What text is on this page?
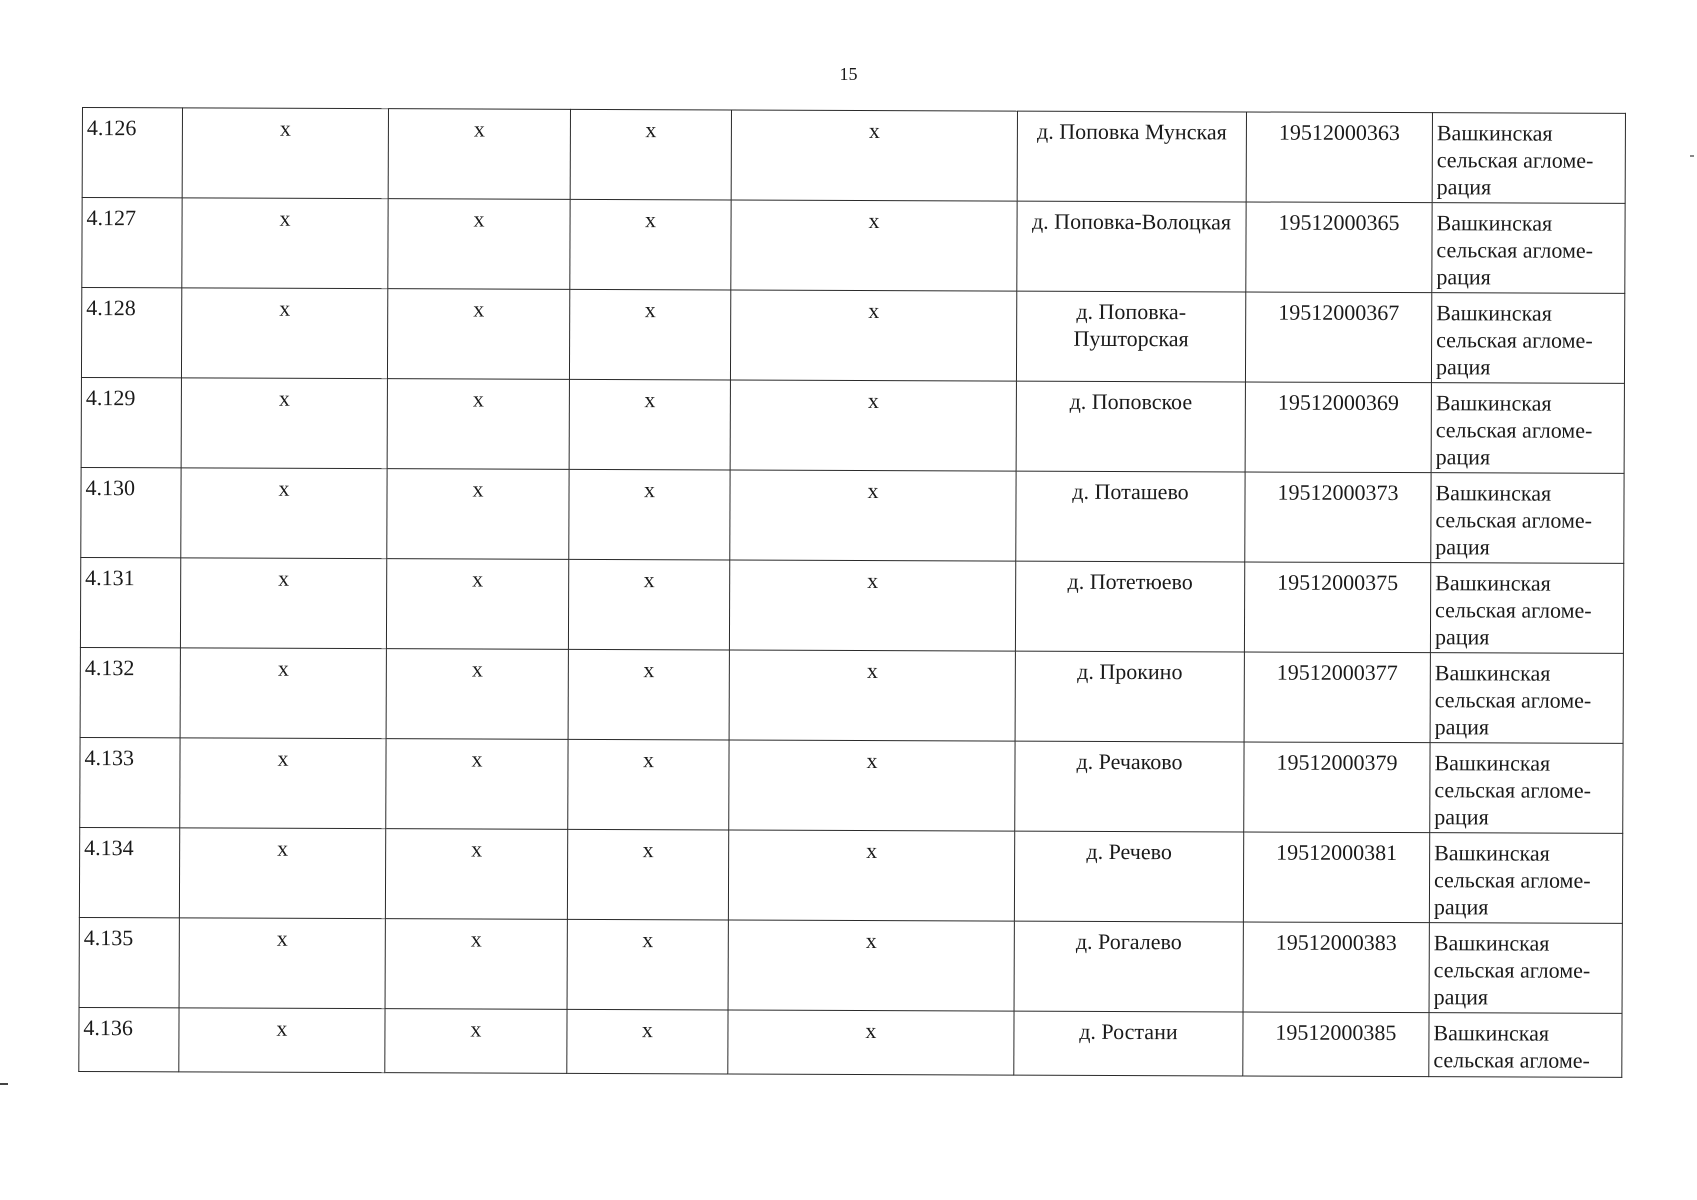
15
4.126	x	x	x	x	д. Поповка Мунская	19512000363	Вашкинская сельская агломе-рация
4.127	x	x	x	x	д. Поповка-Волоцкая	19512000365	Вашкинская сельская агломе-рация
4.128	x	x	x	x	д. Поповка-Пушторская	19512000367	Вашкинская сельская агломе-рация
4.129	x	x	x	x	д. Поповское	19512000369	Вашкинская сельская агломе-рация
4.130	x	x	x	x	д. Поташево	19512000373	Вашкинская сельская агломе-рация
4.131	x	x	x	x	д. Потетюево	19512000375	Вашкинская сельская агломе-рация
4.132	x	x	x	x	д. Прокино	19512000377	Вашкинская сельская агломе-рация
4.133	x	x	x	x	д. Речаково	19512000379	Вашкинская сельская агломе-рация
4.134	x	x	x	x	д. Речево	19512000381	Вашкинская сельская агломе-рация
4.135	x	x	x	x	д. Рогалево	19512000383	Вашкинская сельская агломе-рация
4.136	x	x	x	x	д. Ростани	19512000385	Вашкинская сельская агломе-
